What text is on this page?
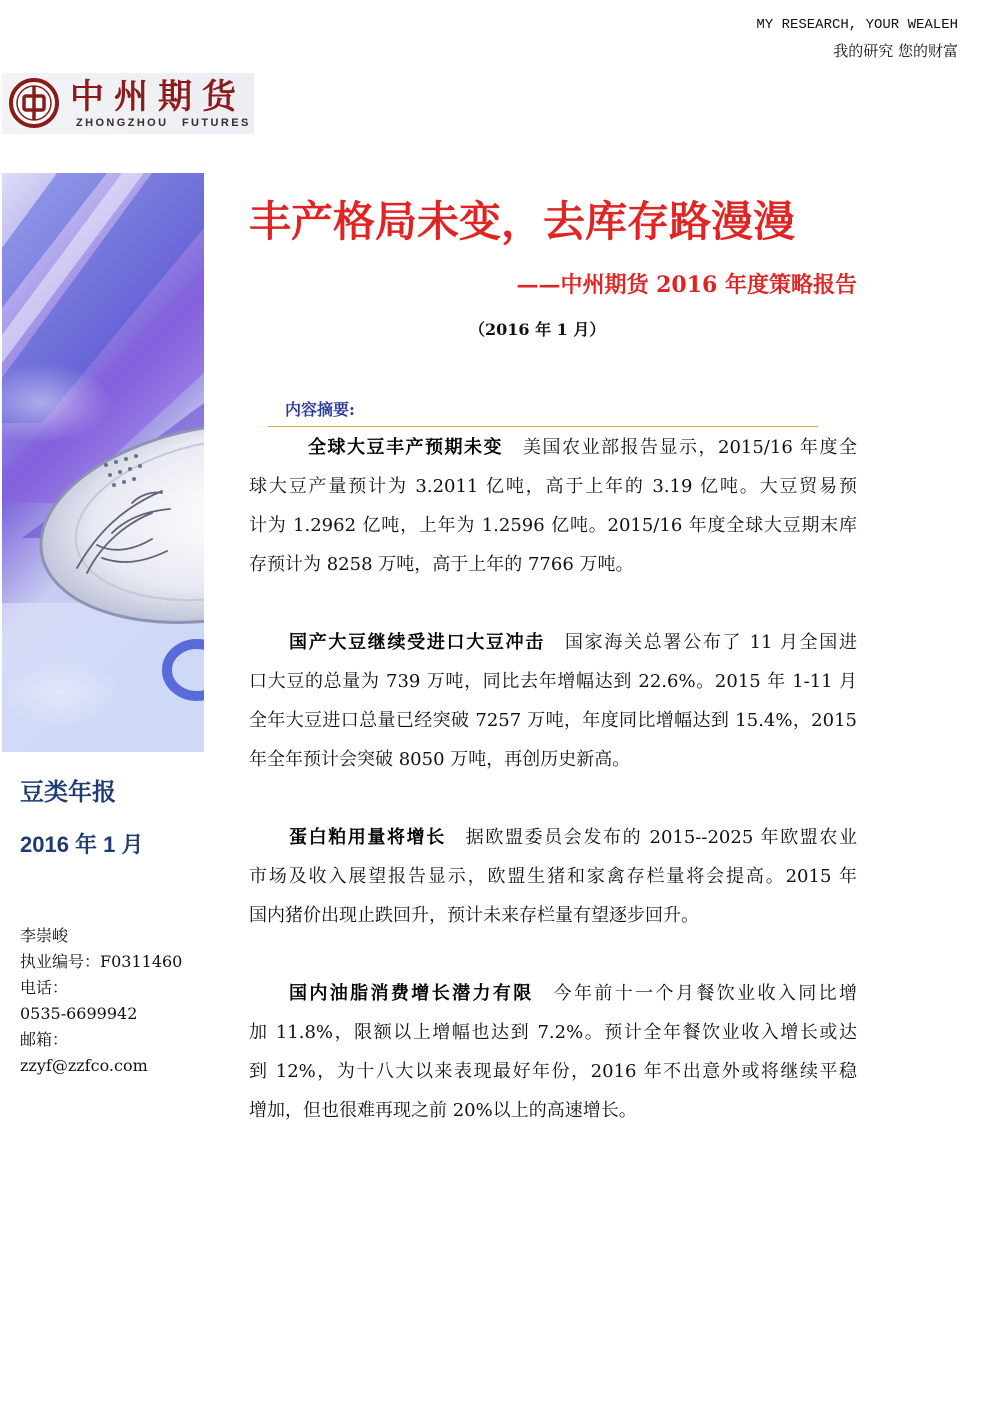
MY RESEARCH, YOUR WEALEH
我的研究 您的财富
中州期货
ZHONGZHOU FUTURES
豆类年报
2016 年 1 月
李崇峻
执业编号：F0311460
电话：
0535-6699942
邮箱：
zzyf@zzfco.com
丰产格局未变，去库存路漫漫
——中州期货 2016 年度策略报告
（2016 年 1 月）
内容摘要:
全球大豆丰产预期未变 美国农业部报告显示，2015/16 年度全
球大豆产量预计为 3.2011 亿吨，高于上年的 3.19 亿吨。大豆贸易预
计为 1.2962 亿吨，上年为 1.2596 亿吨。2015/16 年度全球大豆期末库
存预计为 8258 万吨，高于上年的 7766 万吨。
国产大豆继续受进口大豆冲击 国家海关总署公布了 11 月全国进
口大豆的总量为 739 万吨，同比去年增幅达到 22.6%。2015 年 1-11 月
全年大豆进口总量已经突破 7257 万吨，年度同比增幅达到 15.4%，2015
年全年预计会突破 8050 万吨，再创历史新高。
蛋白粕用量将增长 据欧盟委员会发布的 2015--2025 年欧盟农业
市场及收入展望报告显示，欧盟生猪和家禽存栏量将会提高。2015 年
国内猪价出现止跌回升，预计未来存栏量有望逐步回升。
国内油脂消费增长潜力有限 今年前十一个月餐饮业收入同比增
加 11.8%，限额以上增幅也达到 7.2%。预计全年餐饮业收入增长或达
到 12%，为十八大以来表现最好年份，2016 年不出意外或将继续平稳
增加，但也很难再现之前 20%以上的高速增长。
